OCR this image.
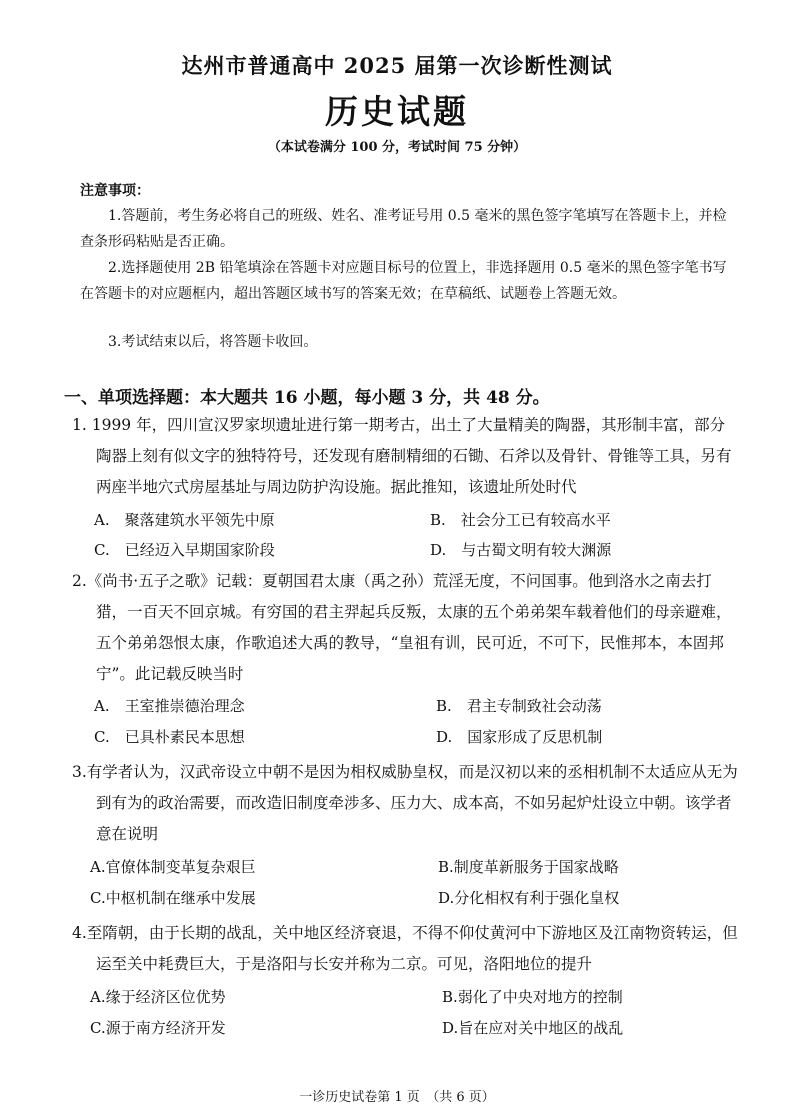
达州市普通高中 2025 届第一次诊断性测试
历史试题
（本试卷满分 100 分，考试时间 75 分钟）
注意事项：

1.答题前，考生务必将自己的班级、姓名、准考证号用 0.5 毫米的黑色签字笔填写在答题卡上，并检查条形码粘贴是否正确。

2.选择题使用 2B 铅笔填涂在答题卡对应题目标号的位置上，非选择题用 0.5 毫米的黑色签字笔书写在答题卡的对应题框内，超出答题区域书写的答案无效；在草稿纸、试题卷上答题无效。

3.考试结束以后，将答题卡收回。

一、单项选择题：本大题共 16 小题，每小题 3 分，共 48 分。
1. 1999 年，四川宣汉罗家坝遗址进行第一期考古，出土了大量精美的陶器，其形制丰富，部分陶器上刻有似文字的独特符号，还发现有磨制精细的石锄、石斧以及骨针、骨锥等工具，另有两座半地穴式房屋基址与周边防护沟设施。据此推知，该遗址所处时代
A.　聚落建筑水平领先中原	B.　社会分工已有较高水平
C.　已经迈入早期国家阶段	D.　与古蜀文明有较大渊源
2.《尚书·五子之歌》记载：夏朝国君太康（禹之孙）荒淫无度，不问国事。他到洛水之南去打猎，一百天不回京城。有穷国的君主羿起兵反叛，太康的五个弟弟架车载着他们的母亲避难，五个弟弟怨恨太康，作歌追述大禹的教导，“皇祖有训，民可近，不可下，民惟邦本，本固邦宁”。此记载反映当时
A.　王室推崇德治理念	B.　君主专制致社会动荡
C.　已具朴素民本思想	D.　国家形成了反思机制
3.有学者认为，汉武帝设立中朝不是因为相权威胁皇权，而是汉初以来的丞相机制不太适应从无为到有为的政治需要，而改造旧制度牵涉多、压力大、成本高，不如另起炉灶设立中朝。该学者意在说明
A.官僚体制变革复杂艰巨	B.制度革新服务于国家战略
C.中枢机制在继承中发展	D.分化相权有利于强化皇权
4.至隋朝，由于长期的战乱，关中地区经济衰退，不得不仰仗黄河中下游地区及江南物资转运，但运至关中耗费巨大，于是洛阳与长安并称为二京。可见，洛阳地位的提升
A.缘于经济区位优势	B.弱化了中央对地方的控制
C.源于南方经济开发	D.旨在应对关中地区的战乱
一诊历史试卷第 1 页　（共 6 页）
